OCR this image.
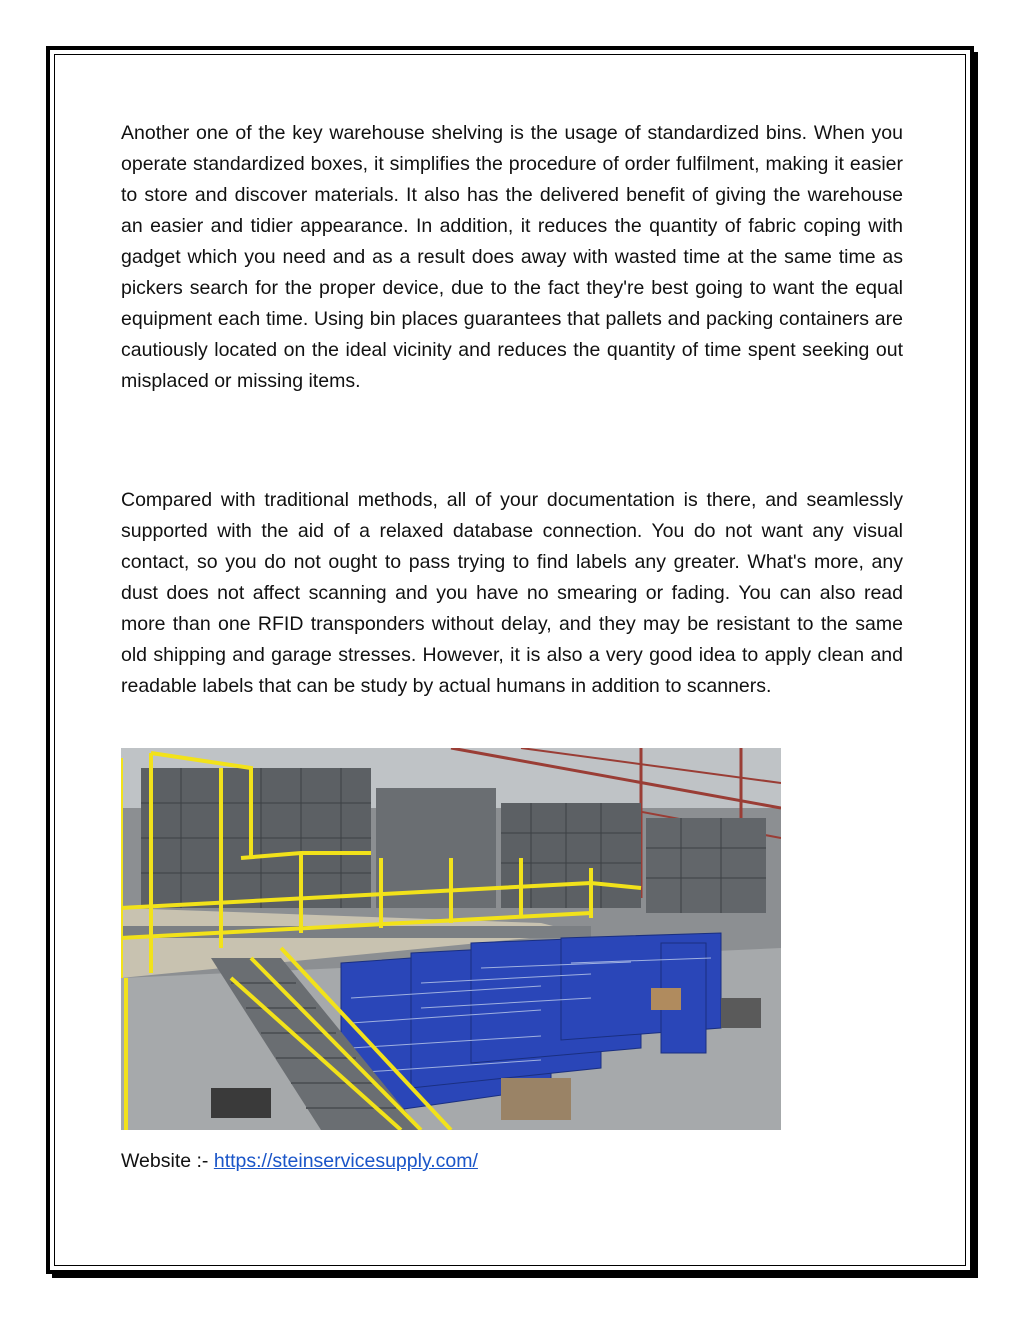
Another one of the key warehouse shelving is the usage of standardized bins. When you operate standardized boxes, it simplifies the procedure of order fulfilment, making it easier to store and discover materials. It also has the delivered benefit of giving the warehouse an easier and tidier appearance. In addition, it reduces the quantity of fabric coping with gadget which you need and as a result does away with wasted time at the same time as pickers search for the proper device, due to the fact they're best going to want the equal equipment each time. Using bin places guarantees that pallets and packing containers are cautiously located on the ideal vicinity and reduces the quantity of time spent seeking out misplaced or missing items.

Compared with traditional methods, all of your documentation is there, and seamlessly supported with the aid of a relaxed database connection. You do not want any visual contact, so you do not ought to pass trying to find labels any greater. What's more, any dust does not affect scanning and you have no smearing or fading. You can also read more than one RFID transponders without delay, and they may be resistant to the same old shipping and garage stresses. However, it is also a very good idea to apply clean and readable labels that can be study by actual humans in addition to scanners.

Website :- https://steinservicesupply.com/
